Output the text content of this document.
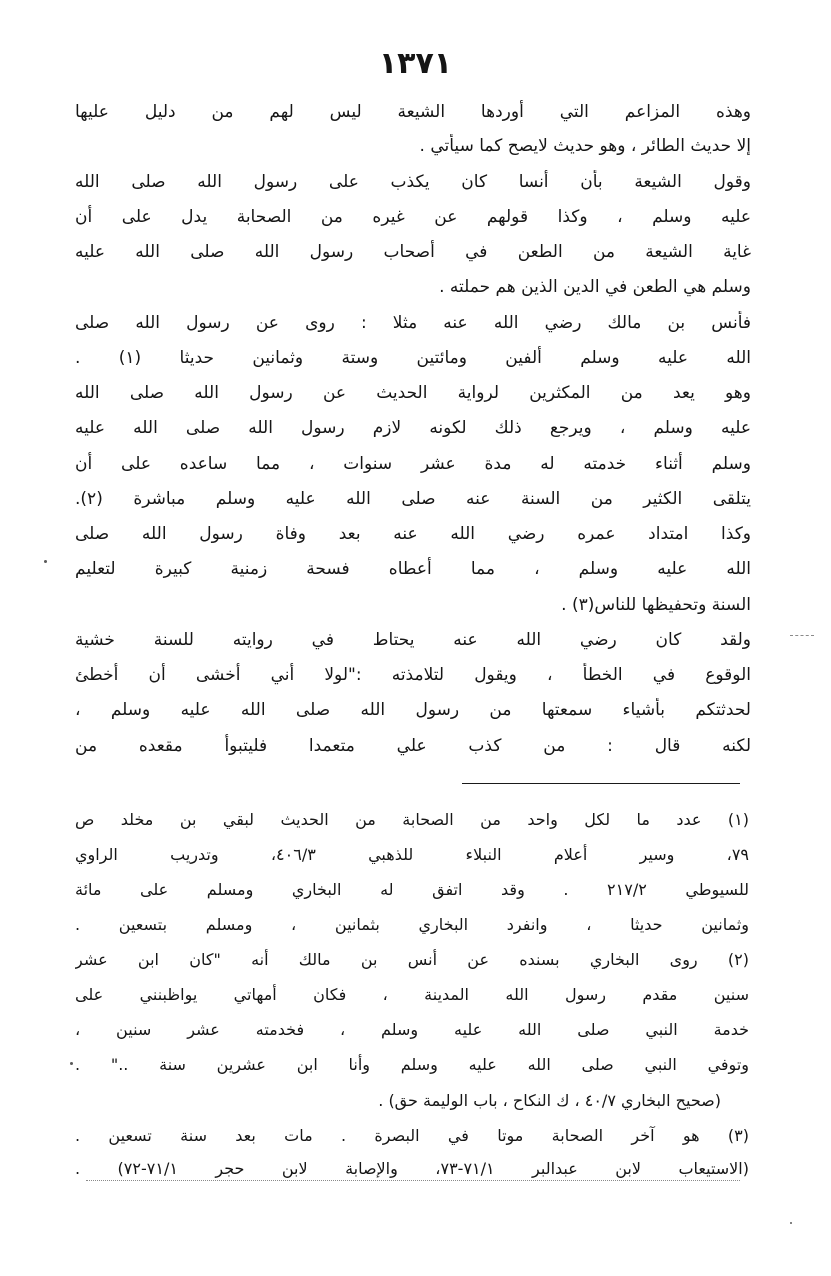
١٣٧١
وهذه المزاعم التي أوردها الشيعة ليس لهم من دليل عليها
إلا حديث الطائر ، وهو حديث لايصح كما سيأتي .
وقول الشيعة بأن أنسا كان يكذب على رسول الله صلى الله
عليه وسلم ، وكذا قولهم عن غيره من الصحابة يدل على أن
غاية الشيعة من الطعن في أصحاب رسول الله صلى الله عليه
وسلم هي الطعن في الدين الذين هم حملته .
فأنس بن مالك رضي الله عنه مثلا : روى عن رسول الله صلى
الله عليه وسلم ألفين ومائتين وستة وثمانين حديثا (١) .
وهو يعد من المكثرين لرواية الحديث عن رسول الله صلى الله
عليه وسلم ، ويرجع ذلك لكونه لازم رسول الله صلى الله عليه
وسلم أثناء خدمته له مدة عشر سنوات ، مما ساعده على أن
يتلقى الكثير من السنة عنه صلى الله عليه وسلم مباشرة (٢).
وكذا امتداد عمره رضي الله عنه بعد وفاة رسول الله صلى
الله عليه وسلم ، مما أعطاه فسحة زمنية كبيرة لتعليم
السنة وتحفيظها للناس(٣) .
ولقد كان رضي الله عنه يحتاط في روايته للسنة خشية
الوقوع في الخطأ ، ويقول لتلامذته :"لولا أني أخشى أن أخطئ
لحدثتكم بأشياء سمعتها من رسول الله صلى الله عليه وسلم ،
لكنه قال : من كذب علي متعمدا فليتبوأ مقعده من
(١) عدد ما لكل واحد من الصحابة من الحديث لبقي بن مخلد ص
٧٩، وسير أعلام النبلاء للذهبي ٤٠٦/٣، وتدريب الراوي
للسيوطي ٢١٧/٢ . وقد اتفق له البخاري ومسلم على مائة
وثمانين حديثا ، وانفرد البخاري بثمانين ، ومسلم بتسعين .
(٢) روى البخاري بسنده عن أنس بن مالك أنه "كان ابن عشر
سنين مقدم رسول الله المدينة ، فكان أمهاتي يواظبنني على
خدمة النبي صلى الله عليه وسلم ، فخدمته عشر سنين ،
وتوفي النبي صلى الله عليه وسلم وأنا ابن عشرين سنة .." .
(صحيح البخاري ٤٠/٧ ، ك النكاح ، باب الوليمة حق) .
(٣) هو آخر الصحابة موتا في البصرة . مات بعد سنة تسعين .
(الاستيعاب لابن عبدالبر ٧١/١-٧٣، والإصابة لابن حجر ٧١/١-٧٢) .
